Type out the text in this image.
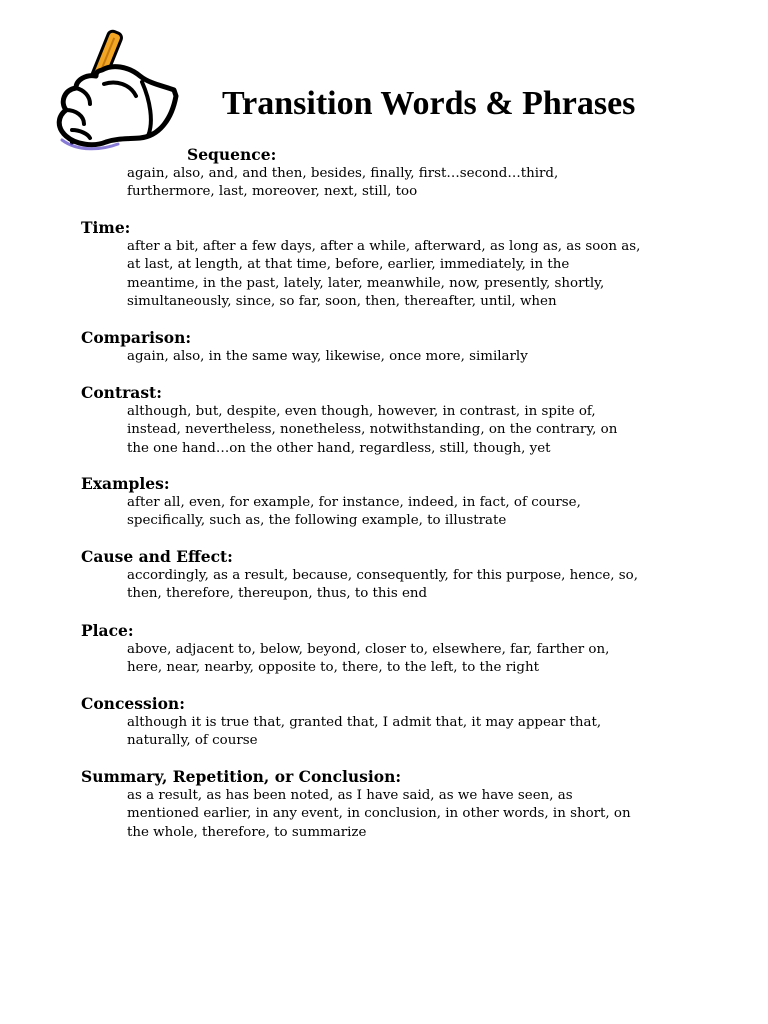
Transition Words & Phrases
Sequence:
again, also, and, and then, besides, finally, first…second…third,
furthermore, last, moreover, next, still, too
Time:
after a bit, after a few days, after a while, afterward, as long as, as soon as,
at last, at length, at that time, before, earlier, immediately, in the
meantime, in the past, lately, later, meanwhile, now, presently, shortly,
simultaneously, since, so far, soon, then, thereafter, until, when
Comparison:
again, also, in the same way, likewise, once more, similarly
Contrast:
although, but, despite, even though, however, in contrast, in spite of,
instead, nevertheless, nonetheless, notwithstanding, on the contrary, on
the one hand…on the other hand, regardless, still, though, yet
Examples:
after all, even, for example, for instance, indeed, in fact, of course,
specifically, such as, the following example, to illustrate
Cause and Effect:
accordingly, as a result, because, consequently, for this purpose, hence, so,
then, therefore, thereupon, thus, to this end
Place:
above, adjacent to, below, beyond, closer to, elsewhere, far, farther on,
here, near, nearby, opposite to, there, to the left, to the right
Concession:
although it is true that, granted that, I admit that, it may appear that,
naturally, of course
Summary, Repetition, or Conclusion:
as a result, as has been noted, as I have said, as we have seen, as
mentioned earlier, in any event, in conclusion, in other words, in short, on
the whole, therefore, to summarize
